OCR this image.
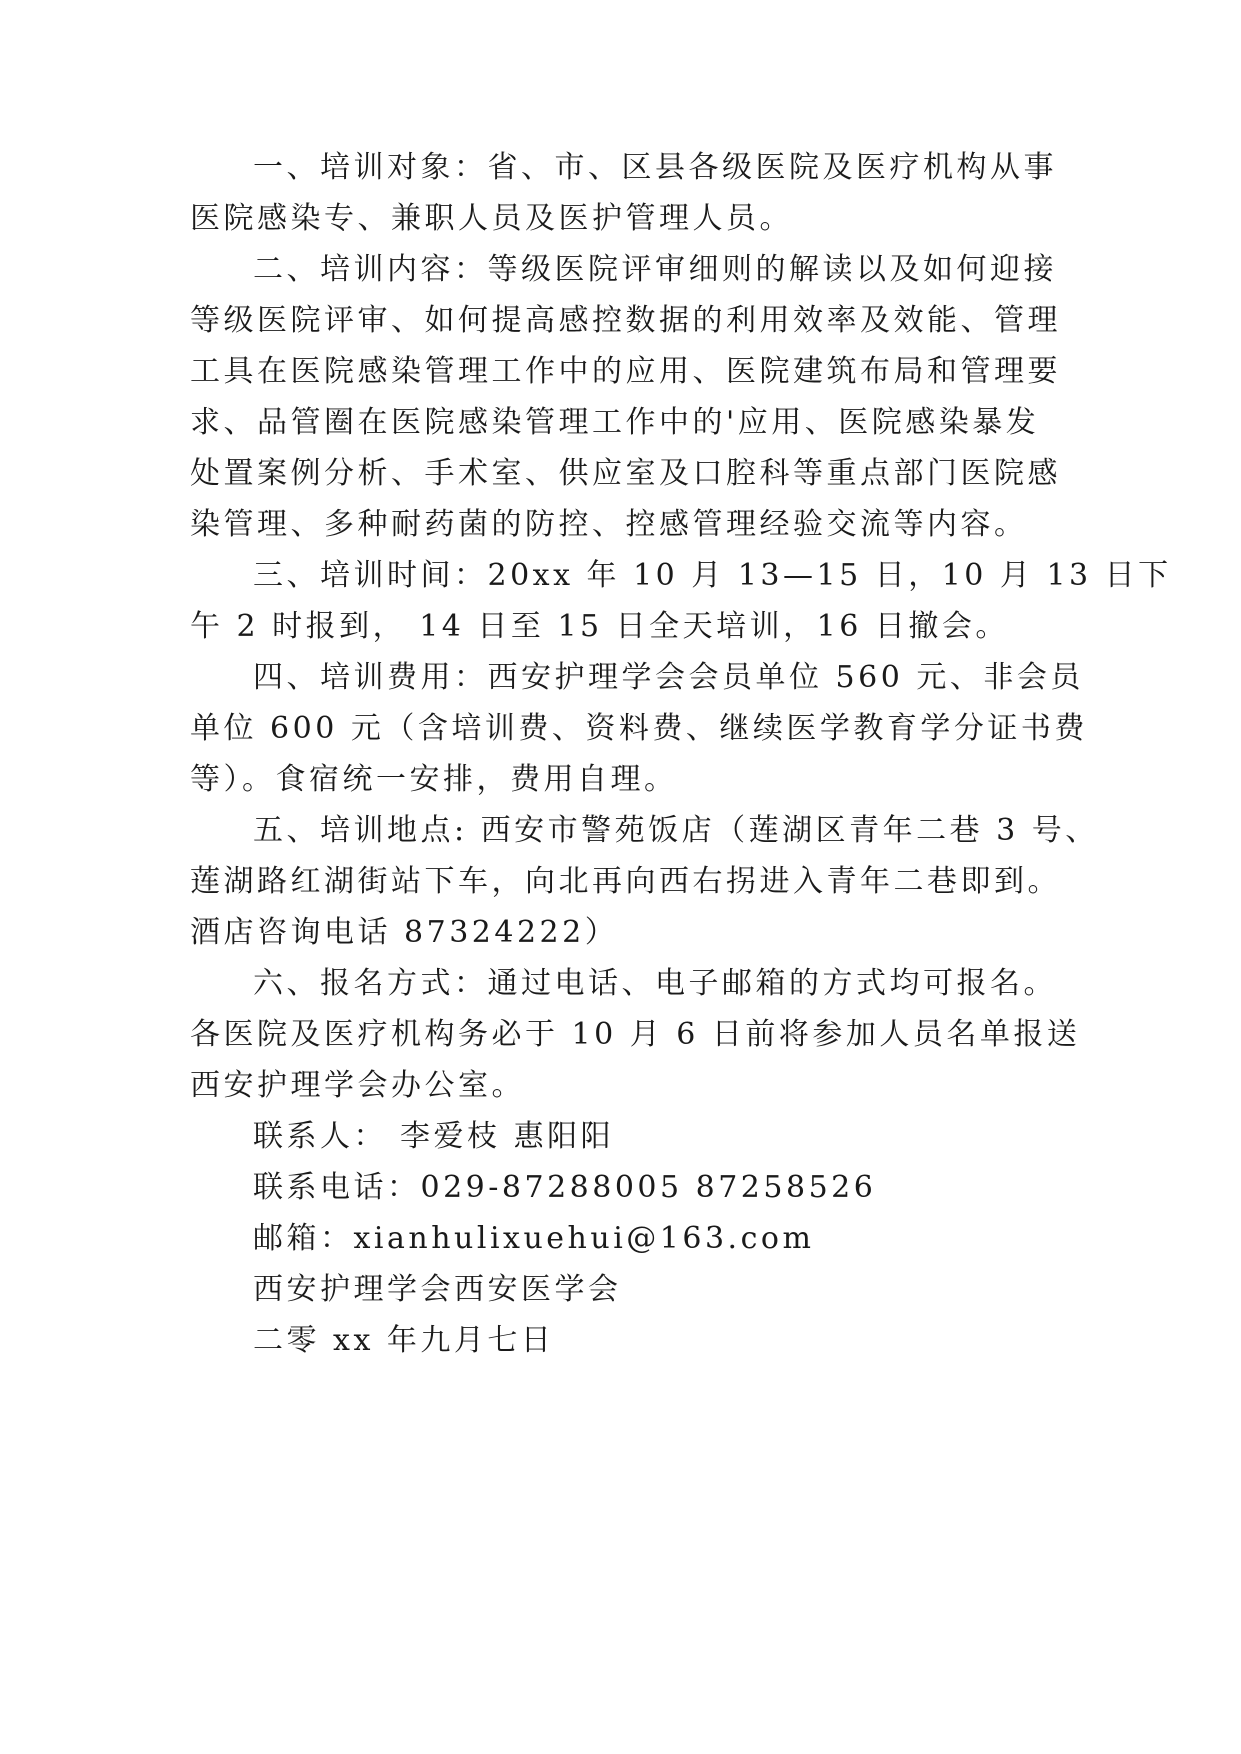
一、培训对象：省、市、区县各级医院及医疗机构从事
医院感染专、兼职人员及医护管理人员。
二、培训内容：等级医院评审细则的解读以及如何迎接
等级医院评审、如何提高感控数据的利用效率及效能、管理
工具在医院感染管理工作中的应用、医院建筑布局和管理要
求、品管圈在医院感染管理工作中的'应用、医院感染暴发
处置案例分析、手术室、供应室及口腔科等重点部门医院感
染管理、多种耐药菌的防控、控感管理经验交流等内容。
三、培训时间：20xx 年 10 月 13—15 日，10 月 13 日下
午 2 时报到， 14 日至 15 日全天培训，16 日撤会。
四、培训费用：西安护理学会会员单位 560 元、非会员
单位 600 元（含培训费、资料费、继续医学教育学分证书费
等）。食宿统一安排，费用自理。
五、培训地点: 西安市警苑饭店（莲湖区青年二巷 3 号、
莲湖路红湖街站下车，向北再向西右拐进入青年二巷即到。
酒店咨询电话 87324222）
六、报名方式：通过电话、电子邮箱的方式均可报名。
各医院及医疗机构务必于 10 月 6 日前将参加人员名单报送
西安护理学会办公室。
联系人： 李爱枝 惠阳阳
联系电话：029-87288005 87258526
邮箱：xianhulixuehui@163.com
西安护理学会西安医学会
二零 xx 年九月七日
